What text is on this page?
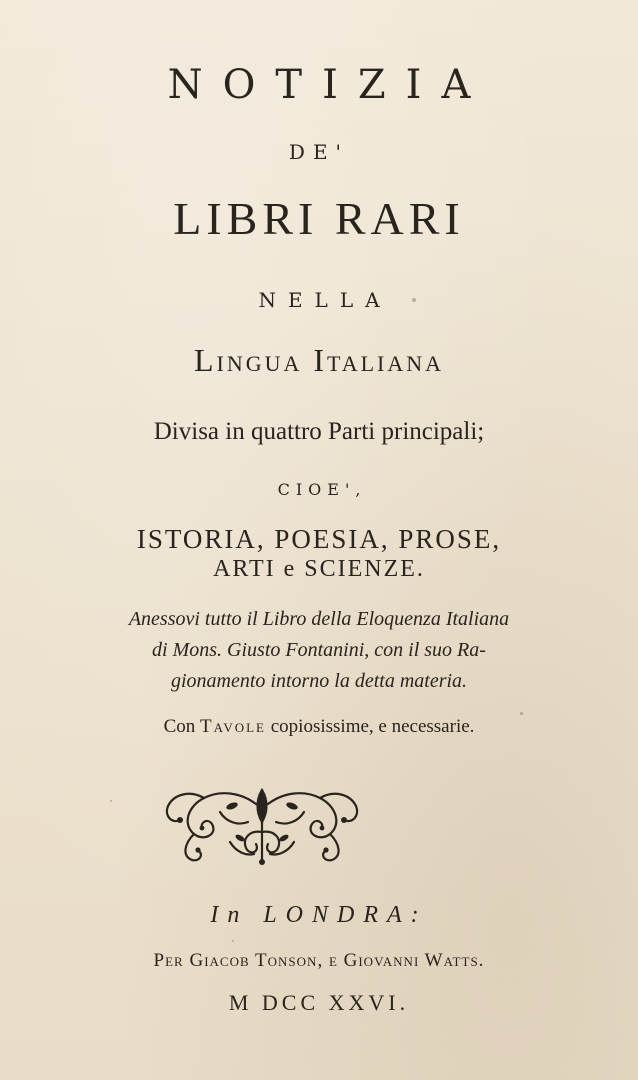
NOTIZIA

DE'

LIBRI RARI

NELLA

Lingua Italiana

Divisa in quattro Parti principali;

CIOE',

ISTORIA, POESIA, PROSE,

ARTI e SCIENZE.

Anessovi tutto il Libro della Eloquenza Italiana
di Mons. Giusto Fontanini, con il suo Ra-
gionamento intorno la detta materia.

Con Tavole copiosissime, e necessarie.

In LONDRA:

Per Giacob Tonson, e Giovanni Watts.

M DCC XXVI.
